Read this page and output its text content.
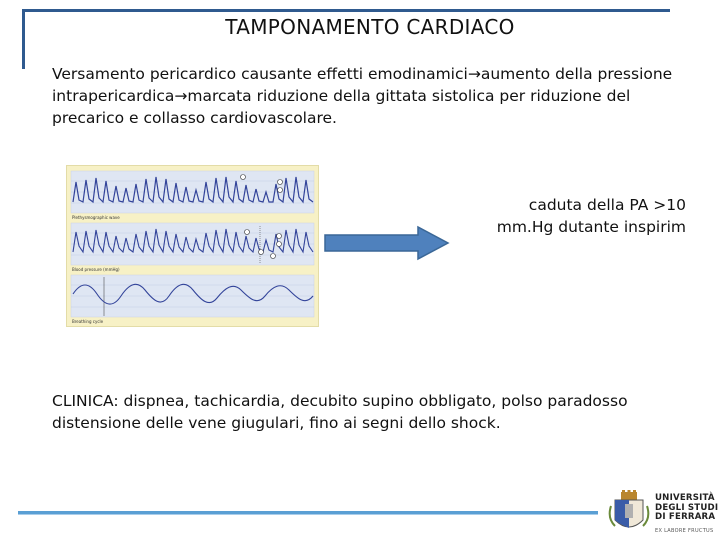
TAMPONAMENTO CARDIACO
Versamento pericardico causante effetti emodinamici→aumento della pressione intrapericardica→marcata riduzione della gittata sistolica per riduzione del precarico e collasso cardiovascolare.
Plethysmographic wave
Blood pressure (mmHg)
Breathing cycle
caduta della PA >10 mm.Hg dutante inspirim
CLINICA: dispnea, tachicardia, decubito supino obbligato, polso paradosso
distensione delle vene giugulari, fino ai segni dello shock.
UNIVERSITÀ
DEGLI STUDI
DI FERRARA
EX LABORE FRUCTUS
